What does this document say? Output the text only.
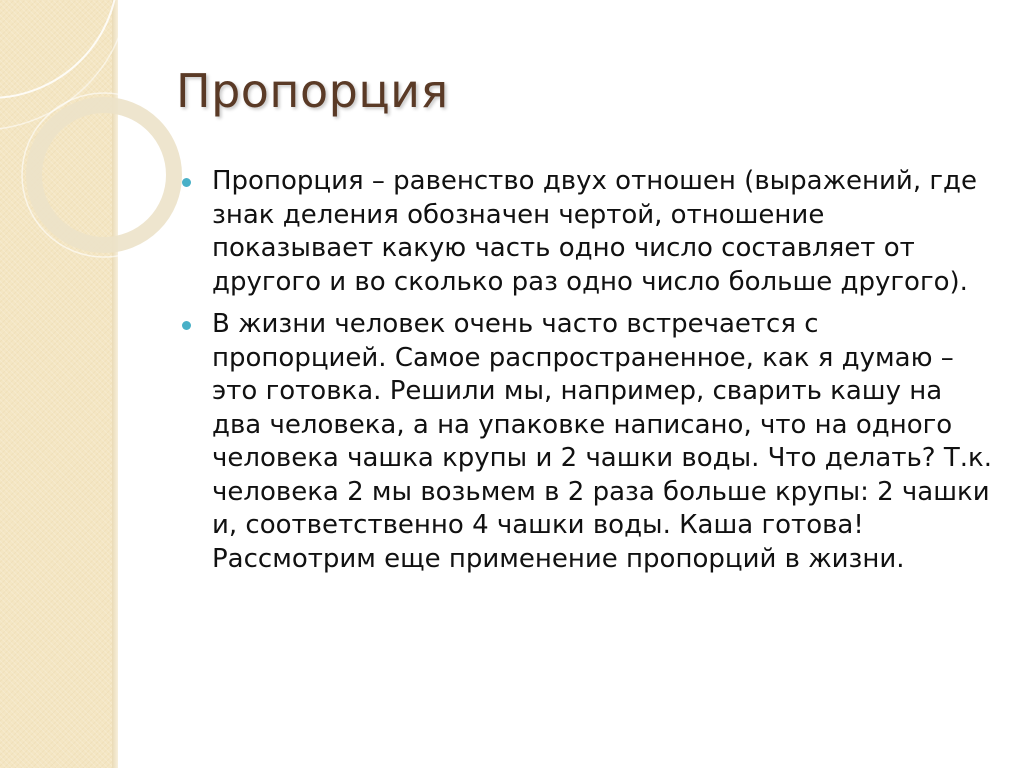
Пропорция
Пропорция – равенство двух отношен (выражений, где знак деления обозначен чертой, отношение показывает какую часть одно число составляет от другого и во сколько раз одно число больше другого).
В жизни человек очень часто встречается с пропорцией. Самое распространенное, как я думаю – это готовка. Решили мы, например, сварить кашу на два человека, а на упаковке написано, что на одного человека чашка крупы и 2 чашки воды. Что делать? Т.к. человека 2 мы возьмем в 2 раза больше крупы: 2 чашки и, соответственно 4 чашки воды. Каша готова! Рассмотрим еще применение пропорций в жизни.
